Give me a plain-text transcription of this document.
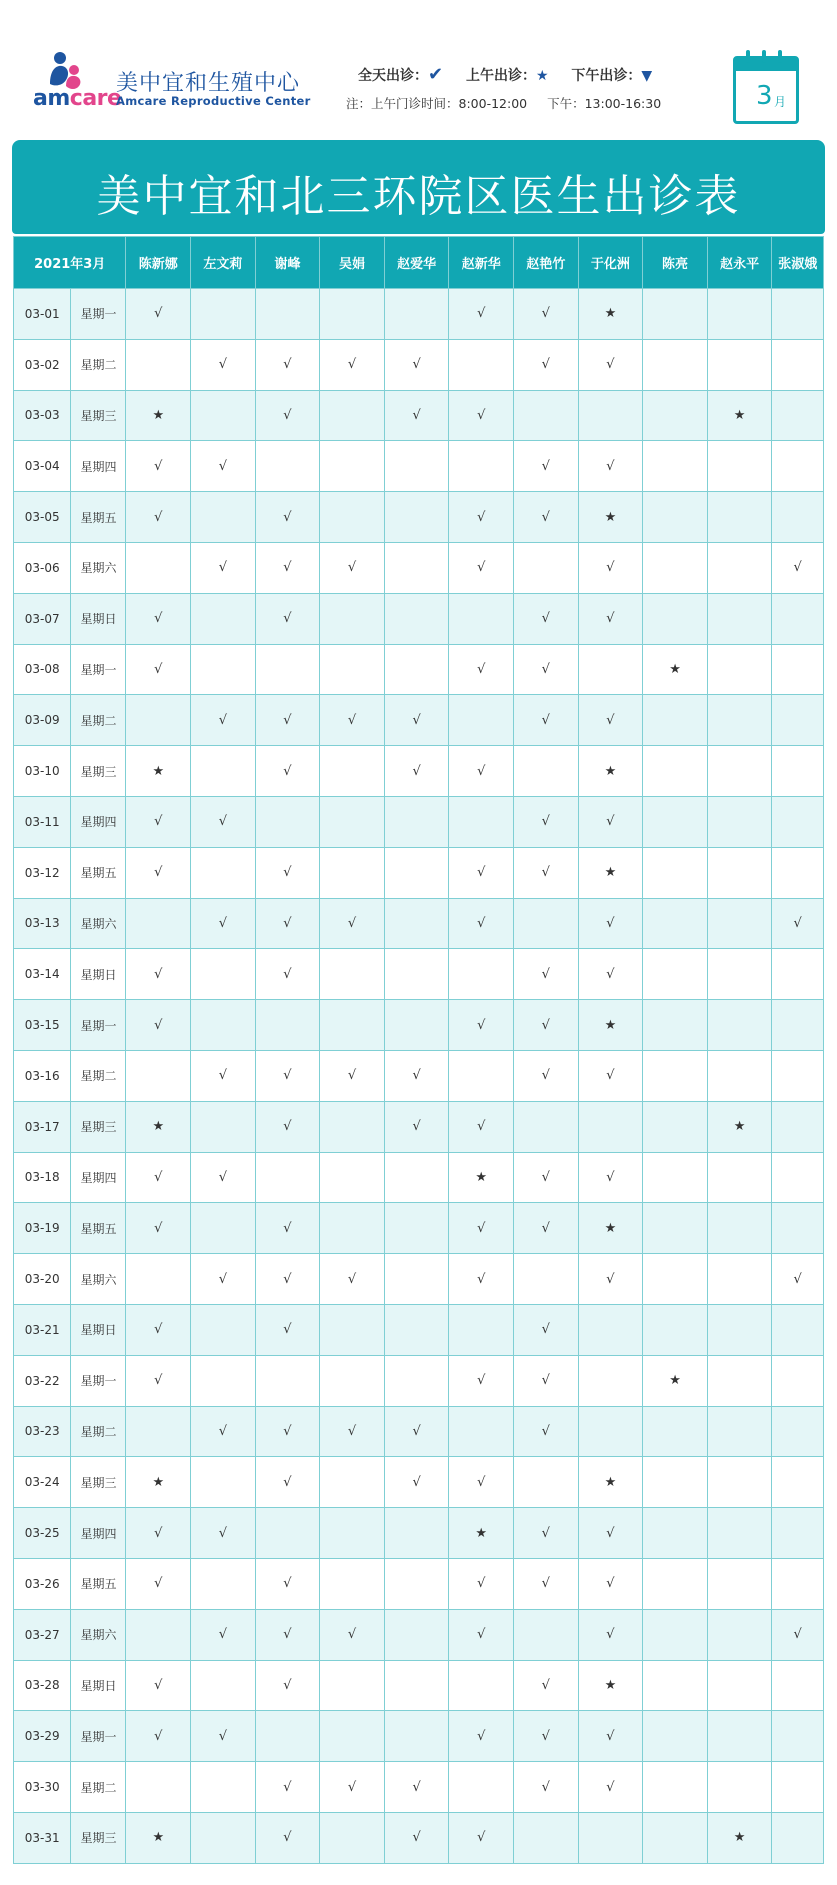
amcare
美中宜和生殖中心
Amcare Reproductive Center
全天出诊：✔ 上午出诊：★ 下午出诊：▼
注：上午门诊时间：8:00-12:00 下午：13:00-16:30	3 月
美中宜和北三环院区医生出诊表
2021年3月		陈新娜	左文莉	谢峰	吴娟	赵爱华	赵新华	赵艳竹	于化洲	陈亮	赵永平	张淑娥
03-01	星期一	√					√	√	★			
03-02	星期二		√	√	√	√		√	√			
03-03	星期三	★		√		√	√				★	
03-04	星期四	√	√					√	√			
03-05	星期五	√		√			√	√	★			
03-06	星期六		√	√	√		√		√			√
03-07	星期日	√		√				√	√			
03-08	星期一	√					√	√		★		
03-09	星期二		√	√	√	√		√	√			
03-10	星期三	★		√		√	√		★			
03-11	星期四	√	√					√	√			
03-12	星期五	√		√			√	√	★			
03-13	星期六		√	√	√		√		√			√
03-14	星期日	√		√				√	√			
03-15	星期一	√					√	√	★			
03-16	星期二		√	√	√	√		√	√			
03-17	星期三	★		√		√	√				★	
03-18	星期四	√	√				★	√	√			
03-19	星期五	√		√			√	√	★			
03-20	星期六		√	√	√		√		√			√
03-21	星期日	√		√				√				
03-22	星期一	√					√	√		★		
03-23	星期二		√	√	√	√		√				
03-24	星期三	★		√		√	√		★			
03-25	星期四	√	√				★	√	√			
03-26	星期五	√		√			√	√	√			
03-27	星期六		√	√	√		√		√			√
03-28	星期日	√		√				√	★			
03-29	星期一	√	√				√	√	√			
03-30	星期二			√	√	√		√	√			
03-31	星期三	★		√		√	√				★	
